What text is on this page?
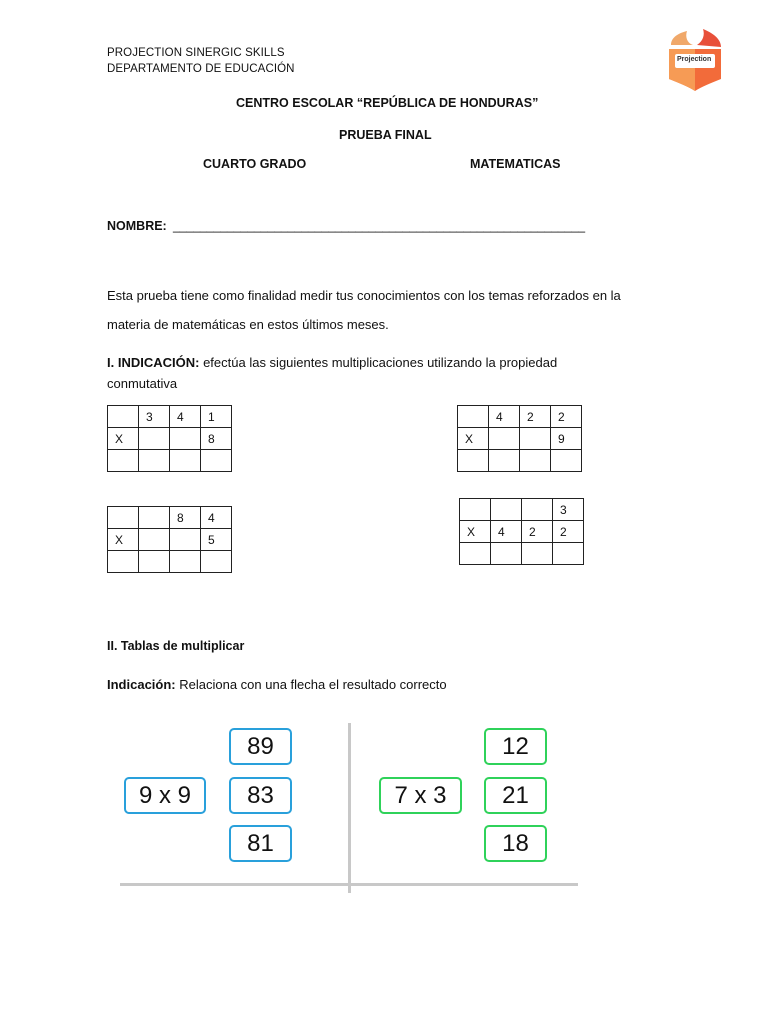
PROJECTION SINERGIC SKILLS
DEPARTAMENTO DE EDUCACIÓN
Projection
CENTRO ESCOLAR “REPÚBLICA DE HONDURAS”
PRUEBA FINAL
CUARTO GRADO	MATEMATICAS
NOMBRE: _____________________________________________________________
Esta prueba tiene como finalidad medir tus conocimientos con los temas reforzados en la
materia de matemáticas en estos últimos meses.
I. INDICACIÓN: efectúa las siguientes multiplicaciones utilizando la propiedad
conmutativa
	3	4	1
X			8

	4	2	2
X			9

		8	4
X			5

			3
X	4	2	2

II. Tablas de multiplicar
Indicación: Relaciona con una flecha el resultado correcto
9 x 9
89
83
81
7 x 3
12
21
18
